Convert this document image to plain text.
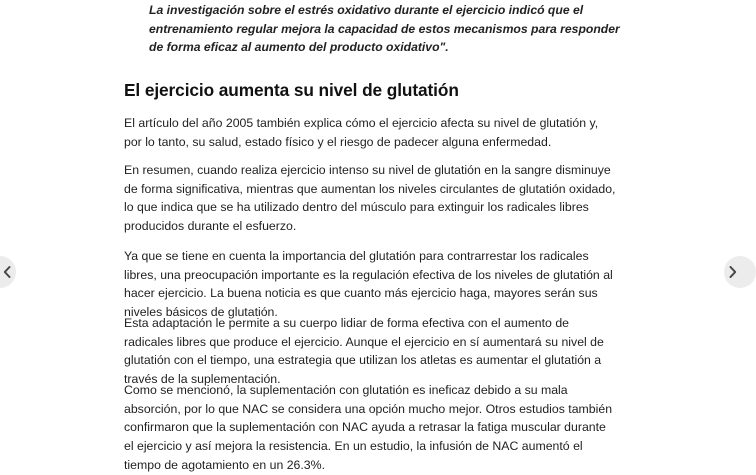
La investigación sobre el estrés oxidativo durante el ejercicio indicó que el entrenamiento regular mejora la capacidad de estos mecanismos para responder de forma eficaz al aumento del producto oxidativo".

El ejercicio aumenta su nivel de glutatión

El artículo del año 2005 también explica cómo el ejercicio afecta su nivel de glutatión y, por lo tanto, su salud, estado físico y el riesgo de padecer alguna enfermedad.

En resumen, cuando realiza ejercicio intenso su nivel de glutatión en la sangre disminuye de forma significativa, mientras que aumentan los niveles circulantes de glutatión oxidado, lo que indica que se ha utilizado dentro del músculo para extinguir los radicales libres producidos durante el esfuerzo.

Ya que se tiene en cuenta la importancia del glutatión para contrarrestar los radicales libres, una preocupación importante es la regulación efectiva de los niveles de glutatión al hacer ejercicio. La buena noticia es que cuanto más ejercicio haga, mayores serán sus niveles básicos de glutatión.

Esta adaptación le permite a su cuerpo lidiar de forma efectiva con el aumento de radicales libres que produce el ejercicio. Aunque el ejercicio en sí aumentará su nivel de glutatión con el tiempo, una estrategia que utilizan los atletas es aumentar el glutatión a través de la suplementación.

Como se mencionó, la suplementación con glutatión es ineficaz debido a su mala absorción, por lo que NAC se considera una opción mucho mejor. Otros estudios también confirmaron que la suplementación con NAC ayuda a retrasar la fatiga muscular durante el ejercicio y así mejora la resistencia. En un estudio, la infusión de NAC aumentó el tiempo de agotamiento en un 26.3%.
